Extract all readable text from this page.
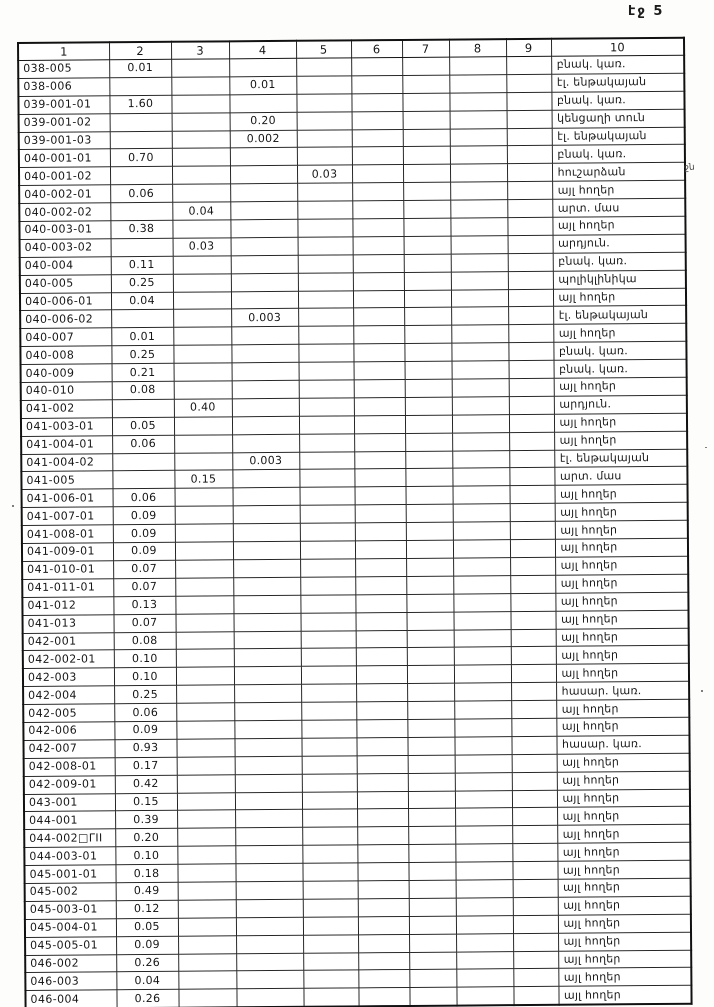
էջ 5
1	2	3	4	5	6	7	8	9	10
038-005	0.01								բնակ. կառ.
038-006			0.01						էլ. ենթակայան
039-001-01	1.60								բնակ. կառ.
039-001-02			0.20						կենցաղի տուն
039-001-03			0.002						էլ. ենթակայան
040-001-01	0.70								բնակ. կառ.
040-001-02				0.03					հուշարձան
040-002-01	0.06								այլ հողեր
040-002-02		0.04							արտ. մաս
040-003-01	0.38								այլ հողեր
040-003-02		0.03							արդյուն.
040-004	0.11								բնակ. կառ.
040-005	0.25								պոլիկլինիկա
040-006-01	0.04								այլ հողեր
040-006-02			0.003						էլ. ենթակայան
040-007	0.01								այլ հողեր
040-008	0.25								բնակ. կառ.
040-009	0.21								բնակ. կառ.
040-010	0.08								այլ հողեր
041-002		0.40							արդյուն.
041-003-01	0.05								այլ հողեր
041-004-01	0.06								այլ հողեր
041-004-02			0.003						էլ. ենթակայան
041-005		0.15							արտ. մաս
041-006-01	0.06								այլ հողեր
041-007-01	0.09								այլ հողեր
041-008-01	0.09								այլ հողեր
041-009-01	0.09								այլ հողեր
041-010-01	0.07								այլ հողեր
041-011-01	0.07								այլ հողեր
041-012	0.13								այլ հողեր
041-013	0.07								այլ հողեր
042-001	0.08								այլ հողեր
042-002-01	0.10								այլ հողեր
042-003	0.10								այլ հողեր
042-004	0.25								հասար. կառ.
042-005	0.06								այլ հողեր
042-006	0.09								այլ հողեր
042-007	0.93								հասար. կառ.
042-008-01	0.17								այլ հողեր
042-009-01	0.42								այլ հողեր
043-001	0.15								այլ հողեր
044-001	0.39								այլ հողեր
044-002□ΓΙΙ	0.20								այլ հողեր
044-003-01	0.10								այլ հողեր
045-001-01	0.18								այլ հողեր
045-002	0.49								այլ հողեր
045-003-01	0.12								այլ հողեր
045-004-01	0.05								այլ հողեր
045-005-01	0.09								այլ հողեր
046-002	0.26								այլ հողեր
046-003	0.04								այլ հողեր
046-004	0.26								այլ հողեր
ջն
